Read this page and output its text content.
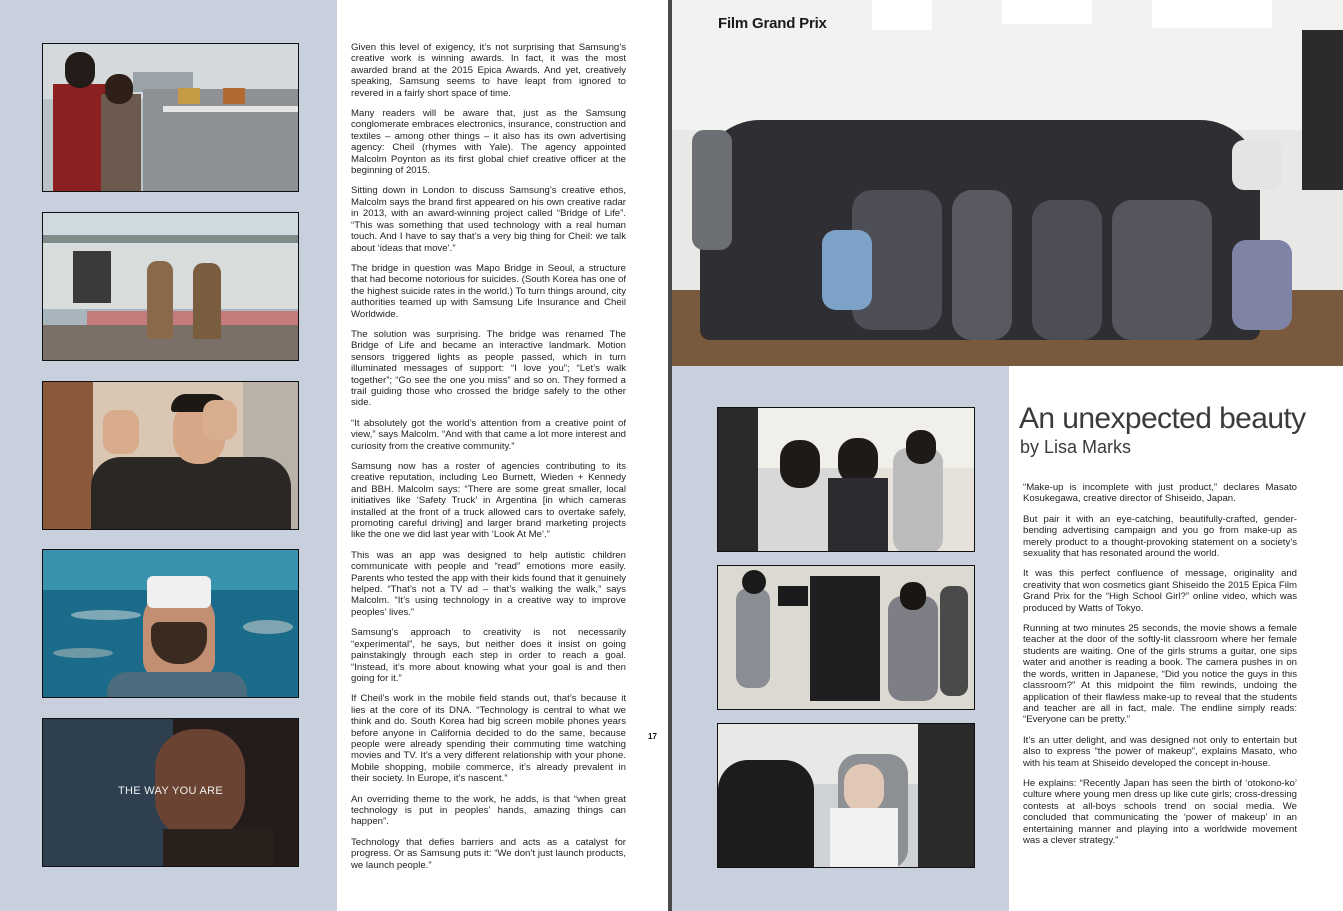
THE WAY YOU ARE

Given this level of exigency, it’s not surprising that Samsung’s creative work is winning awards. In fact, it was the most awarded brand at the 2015 Epica Awards. And yet, creatively speaking, Samsung seems to have leapt from ignored to revered in a fairly short space of time.

Many readers will be aware that, just as the Samsung conglomerate embraces electronics, insurance, construction and textiles – among other things – it also has its own advertising agency: Cheil (rhymes with Yale). The agency appointed Malcolm Poynton as its first global chief creative officer at the beginning of 2015.

Sitting down in London to discuss Samsung’s creative ethos, Malcolm says the brand first appeared on his own creative radar in 2013, with an award-winning project called “Bridge of Life”. “This was something that used technology with a real human touch. And I have to say that’s a very big thing for Cheil: we talk about ‘ideas that move’.”

The bridge in question was Mapo Bridge in Seoul, a structure that had become notorious for suicides. (South Korea has one of the highest suicide rates in the world.) To turn things around, city authorities teamed up with Samsung Life Insurance and Cheil Worldwide.

The solution was surprising. The bridge was renamed The Bridge of Life and became an interactive landmark. Motion sensors triggered lights as people passed, which in turn illuminated messages of support: “I love you”; “Let’s walk together”; “Go see the one you miss” and so on. They formed a trail guiding those who crossed the bridge safely to the other side.

“It absolutely got the world’s attention from a creative point of view,” says Malcolm. “And with that came a lot more interest and curiosity from the creative community.”

Samsung now has a roster of agencies contributing to its creative reputation, including Leo Burnett, Wieden + Kennedy and BBH. Malcolm says: “There are some great smaller, local initiatives like ‘Safety Truck’ in Argentina [in which cameras installed at the front of a truck allowed cars to overtake safely, promoting careful driving] and larger brand marketing projects like the one we did last year with ‘Look At Me’.”

This was an app was designed to help autistic children communicate with people and “read” emotions more easily. Parents who tested the app with their kids found that it genuinely helped. “That’s not a TV ad – that’s walking the walk,” says Malcolm. “It’s using technology in a creative way to improve peoples’ lives.”

Samsung’s approach to creativity is not necessarily “experimental”, he says, but neither does it insist on going painstakingly through each step in order to reach a goal. “Instead, it’s more about knowing what your goal is and then going for it.”

If Cheil’s work in the mobile field stands out, that’s because it lies at the core of its DNA. “Technology is central to what we think and do. South Korea had big screen mobile phones years before anyone in California decided to do the same, because people were already spending their commuting time watching movies and TV. It’s a very different relationship with your phone. Mobile shopping, mobile commerce, it’s already prevalent in their society. In Europe, it’s nascent.”

An overriding theme to the work, he adds, is that “when great technology is put in peoples’ hands, amazing things can happen”.

Technology that defies barriers and acts as a catalyst for progress. Or as Samsung puts it: “We don’t just launch products, we launch people.”

17
Film Grand Prix
An unexpected beauty
by Lisa Marks

“Make-up is incomplete with just product,” declares Masato Kosukegawa, creative director of Shiseido, Japan.

But pair it with an eye-catching, beautifully-crafted, gender-bending advertising campaign and you go from make-up as merely product to a thought-provoking statement on a society’s sexuality that has resonated around the world.

It was this perfect confluence of message, originality and creativity that won cosmetics giant Shiseido the 2015 Epica Film Grand Prix for the “High School Girl?” online video, which was produced by Watts of Tokyo.

Running at two minutes 25 seconds, the movie shows a female teacher at the door of the softly-lit classroom where her female students are waiting. One of the girls strums a guitar, one sips water and another is reading a book. The camera pushes in on the words, written in Japanese, “Did you notice the guys in this classroom?” At this midpoint the film rewinds, undoing the application of their flawless make-up to reveal that the students and teacher are all in fact, male. The endline simply reads: “Everyone can be pretty.”

It’s an utter delight, and was designed not only to entertain but also to express “the power of makeup”, explains Masato, who with his team at Shiseido developed the concept in-house.

He explains: “Recently Japan has seen the birth of ‘otokono-ko’ culture where young men dress up like cute girls; cross-dressing contests at all-boys schools trend on social media. We concluded that communicating the ‘power of makeup’ in an entertaining manner and playing into a worldwide movement was a clever strategy.”
